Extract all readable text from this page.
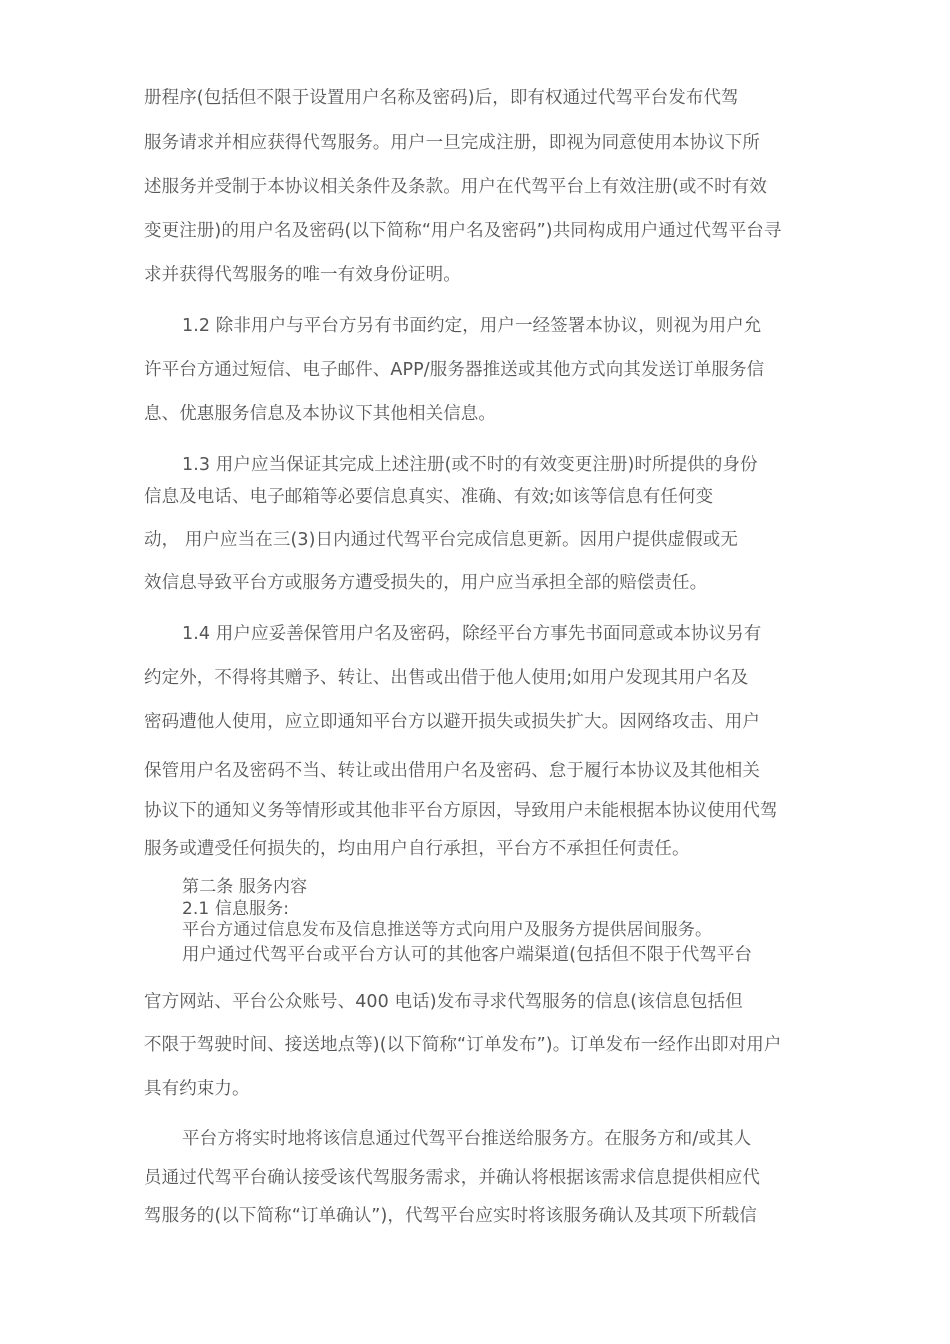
册程序(包括但不限于设置用户名称及密码)后，即有权通过代驾平台发布代驾
服务请求并相应获得代驾服务。用户一旦完成注册，即视为同意使用本协议下所
述服务并受制于本协议相关条件及条款。用户在代驾平台上有效注册(或不时有效
变更注册)的用户名及密码(以下简称“用户名及密码”)共同构成用户通过代驾平台寻
求并获得代驾服务的唯一有效身份证明。
1.2 除非用户与平台方另有书面约定，用户一经签署本协议，则视为用户允
许平台方通过短信、电子邮件、APP/服务器推送或其他方式向其发送订单服务信
息、优惠服务信息及本协议下其他相关信息。
1.3 用户应当保证其完成上述注册(或不时的有效变更注册)时所提供的身份
信息及电话、电子邮箱等必要信息真实、准确、有效;如该等信息有任何变
动， 用户应当在三(3)日内通过代驾平台完成信息更新。因用户提供虚假或无
效信息导致平台方或服务方遭受损失的，用户应当承担全部的赔偿责任。
1.4 用户应妥善保管用户名及密码，除经平台方事先书面同意或本协议另有
约定外，不得将其赠予、转让、出售或出借于他人使用;如用户发现其用户名及
密码遭他人使用，应立即通知平台方以避开损失或损失扩大。因网络攻击、用户
保管用户名及密码不当、转让或出借用户名及密码、怠于履行本协议及其他相关
协议下的通知义务等情形或其他非平台方原因，导致用户未能根据本协议使用代驾
服务或遭受任何损失的，均由用户自行承担，平台方不承担任何责任。
第二条 服务内容
2.1 信息服务:
平台方通过信息发布及信息推送等方式向用户及服务方提供居间服务。
用户通过代驾平台或平台方认可的其他客户端渠道(包括但不限于代驾平台
官方网站、平台公众账号、400 电话)发布寻求代驾服务的信息(该信息包括但
不限于驾驶时间、接送地点等)(以下简称“订单发布”)。订单发布一经作出即对用户
具有约束力。
平台方将实时地将该信息通过代驾平台推送给服务方。在服务方和/或其人
员通过代驾平台确认接受该代驾服务需求，并确认将根据该需求信息提供相应代
驾服务的(以下简称“订单确认”)，代驾平台应实时将该服务确认及其项下所载信
